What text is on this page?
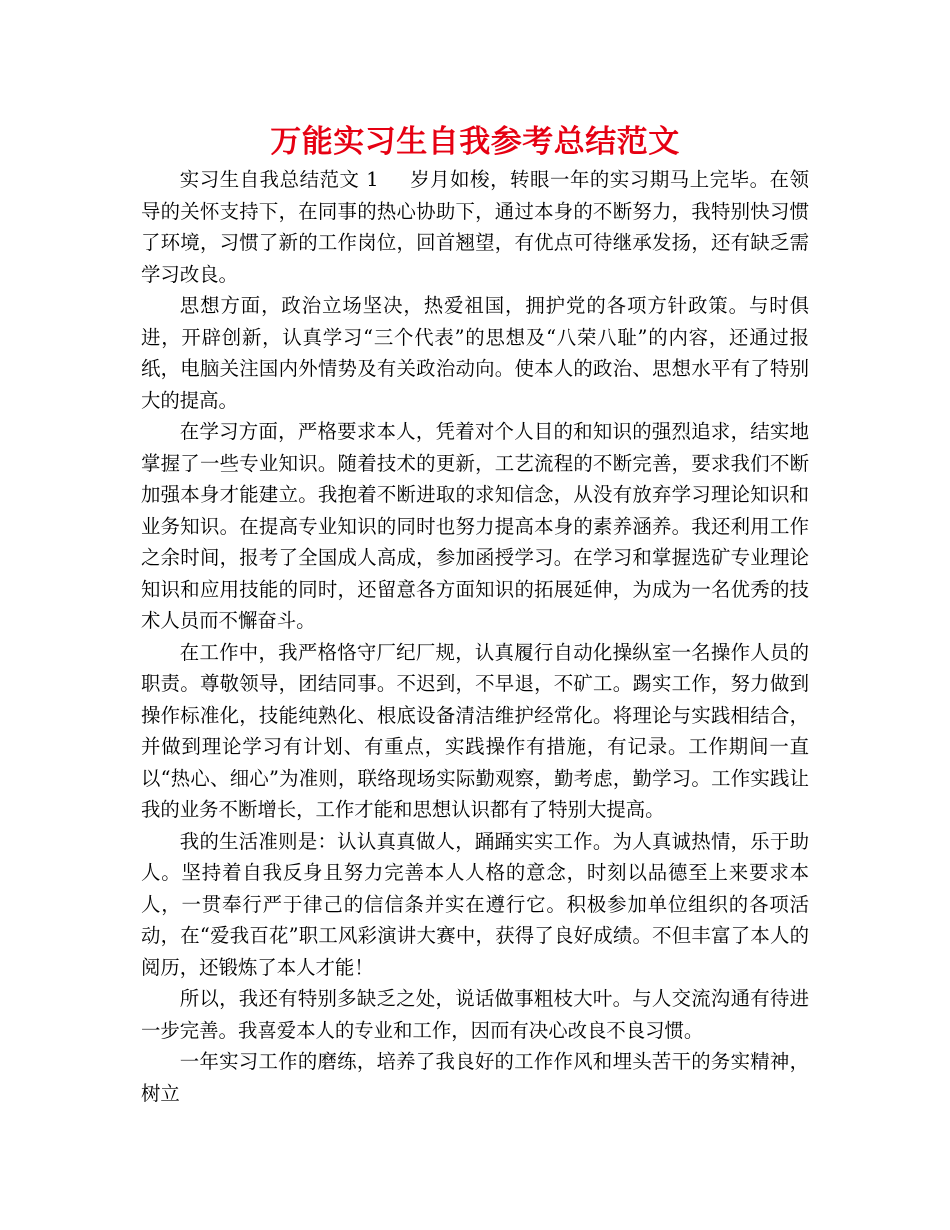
万能实习生自我参考总结范文

实习生自我总结范文 1 岁月如梭，转眼一年的实习期马上完毕。在领导的关怀支持下，在同事的热心协助下，通过本身的不断努力，我特别快习惯了环境，习惯了新的工作岗位，回首翘望，有优点可待继承发扬，还有缺乏需学习改良。

思想方面，政治立场坚决，热爱祖国，拥护党的各项方针政策。与时俱进，开辟创新，认真学习“三个代表”的思想及“八荣八耻”的内容，还通过报纸，电脑关注国内外情势及有关政治动向。使本人的政治、思想水平有了特别大的提高。

在学习方面，严格要求本人，凭着对个人目的和知识的强烈追求，结实地掌握了一些专业知识。随着技术的更新，工艺流程的不断完善，要求我们不断加强本身才能建立。我抱着不断进取的求知信念，从没有放弃学习理论知识和业务知识。在提高专业知识的同时也努力提高本身的素养涵养。我还利用工作之余时间，报考了全国成人高成，参加函授学习。在学习和掌握选矿专业理论知识和应用技能的同时，还留意各方面知识的拓展延伸，为成为一名优秀的技术人员而不懈奋斗。

在工作中，我严格恪守厂纪厂规，认真履行自动化操纵室一名操作人员的职责。尊敬领导，团结同事。不迟到，不早退，不矿工。踢实工作，努力做到操作标准化，技能纯熟化、根底设备清洁维护经常化。将理论与实践相结合，并做到理论学习有计划、有重点，实践操作有措施，有记录。工作期间一直以“热心、细心”为准则，联络现场实际勤观察，勤考虑，勤学习。工作实践让我的业务不断增长，工作才能和思想认识都有了特别大提高。

我的生活准则是：认认真真做人，踊踊实实工作。为人真诚热情，乐于助人。坚持着自我反身且努力完善本人人格的意念，时刻以品德至上来要求本人，一贯奉行严于律己的信信条并实在遵行它。积极参加单位组织的各项活动，在“爱我百花”职工风彩演讲大赛中，获得了良好成绩。不但丰富了本人的阅历，还锻炼了本人才能！

所以，我还有特别多缺乏之处，说话做事粗枝大叶。与人交流沟通有待进一步完善。我喜爱本人的专业和工作，因而有决心改良不良习惯。

一年实习工作的磨练，培养了我良好的工作作风和埋头苦干的务实精神，树立
